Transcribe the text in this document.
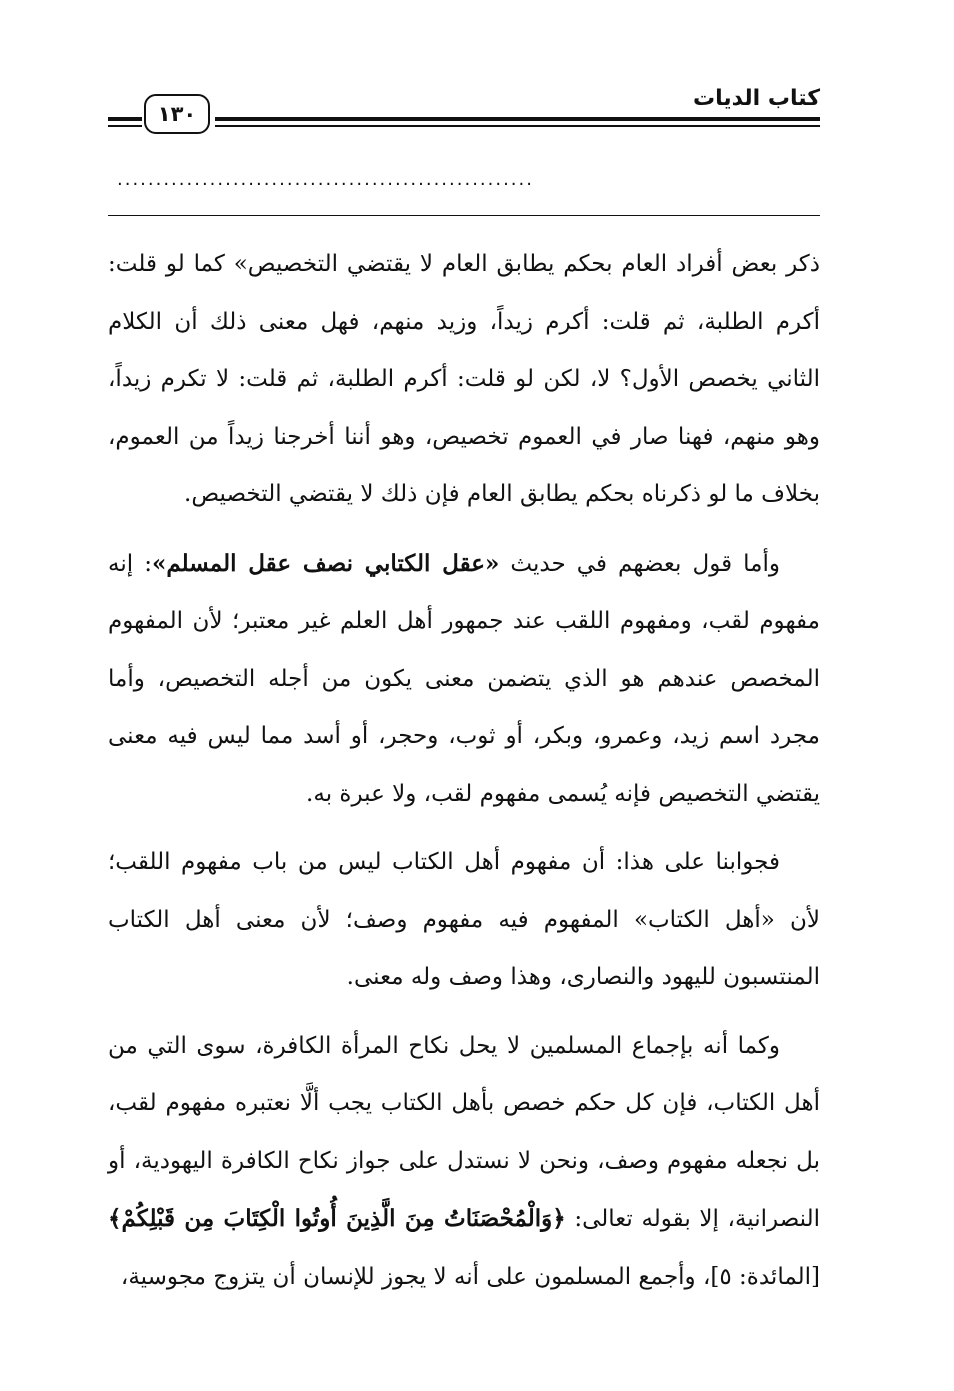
كتاب الديات
١٣٠
......................................................

ذكر بعض أفراد العام بحكم يطابق العام لا يقتضي التخصيص» كما لو قلت: أكرم الطلبة، ثم قلت: أكرم زيداً، وزيد منهم، فهل معنى ذلك أن الكلام الثاني يخصص الأول؟ لا، لكن لو قلت: أكرم الطلبة، ثم قلت: لا تكرم زيداً، وهو منهم، فهنا صار في العموم تخصيص، وهو أننا أخرجنا زيداً من العموم، بخلاف ما لو ذكرناه بحكم يطابق العام فإن ذلك لا يقتضي التخصيص.

وأما قول بعضهم في حديث «عقل الكتابي نصف عقل المسلم»: إنه مفهوم لقب، ومفهوم اللقب عند جمهور أهل العلم غير معتبر؛ لأن المفهوم المخصص عندهم هو الذي يتضمن معنى يكون من أجله التخصيص، وأما مجرد اسم زيد، وعمرو، وبكر، أو ثوب، وحجر، أو أسد مما ليس فيه معنى يقتضي التخصيص فإنه يُسمى مفهوم لقب، ولا عبرة به.

فجوابنا على هذا: أن مفهوم أهل الكتاب ليس من باب مفهوم اللقب؛ لأن «أهل الكتاب» المفهوم فيه مفهوم وصف؛ لأن معنى أهل الكتاب المنتسبون لليهود والنصارى، وهذا وصف وله معنى.

وكما أنه بإجماع المسلمين لا يحل نكاح المرأة الكافرة، سوى التي من أهل الكتاب، فإن كل حكم خصص بأهل الكتاب يجب ألَّا نعتبره مفهوم لقب، بل نجعله مفهوم وصف، ونحن لا نستدل على جواز نكاح الكافرة اليهودية، أو النصرانية، إلا بقوله تعالى: ﴿وَالْمُحْصَنَاتُ مِنَ الَّذِينَ أُوتُوا الْكِتَابَ مِن قَبْلِكُمْ﴾ [المائدة: ٥]، وأجمع المسلمون على أنه لا يجوز للإنسان أن يتزوج مجوسية،
